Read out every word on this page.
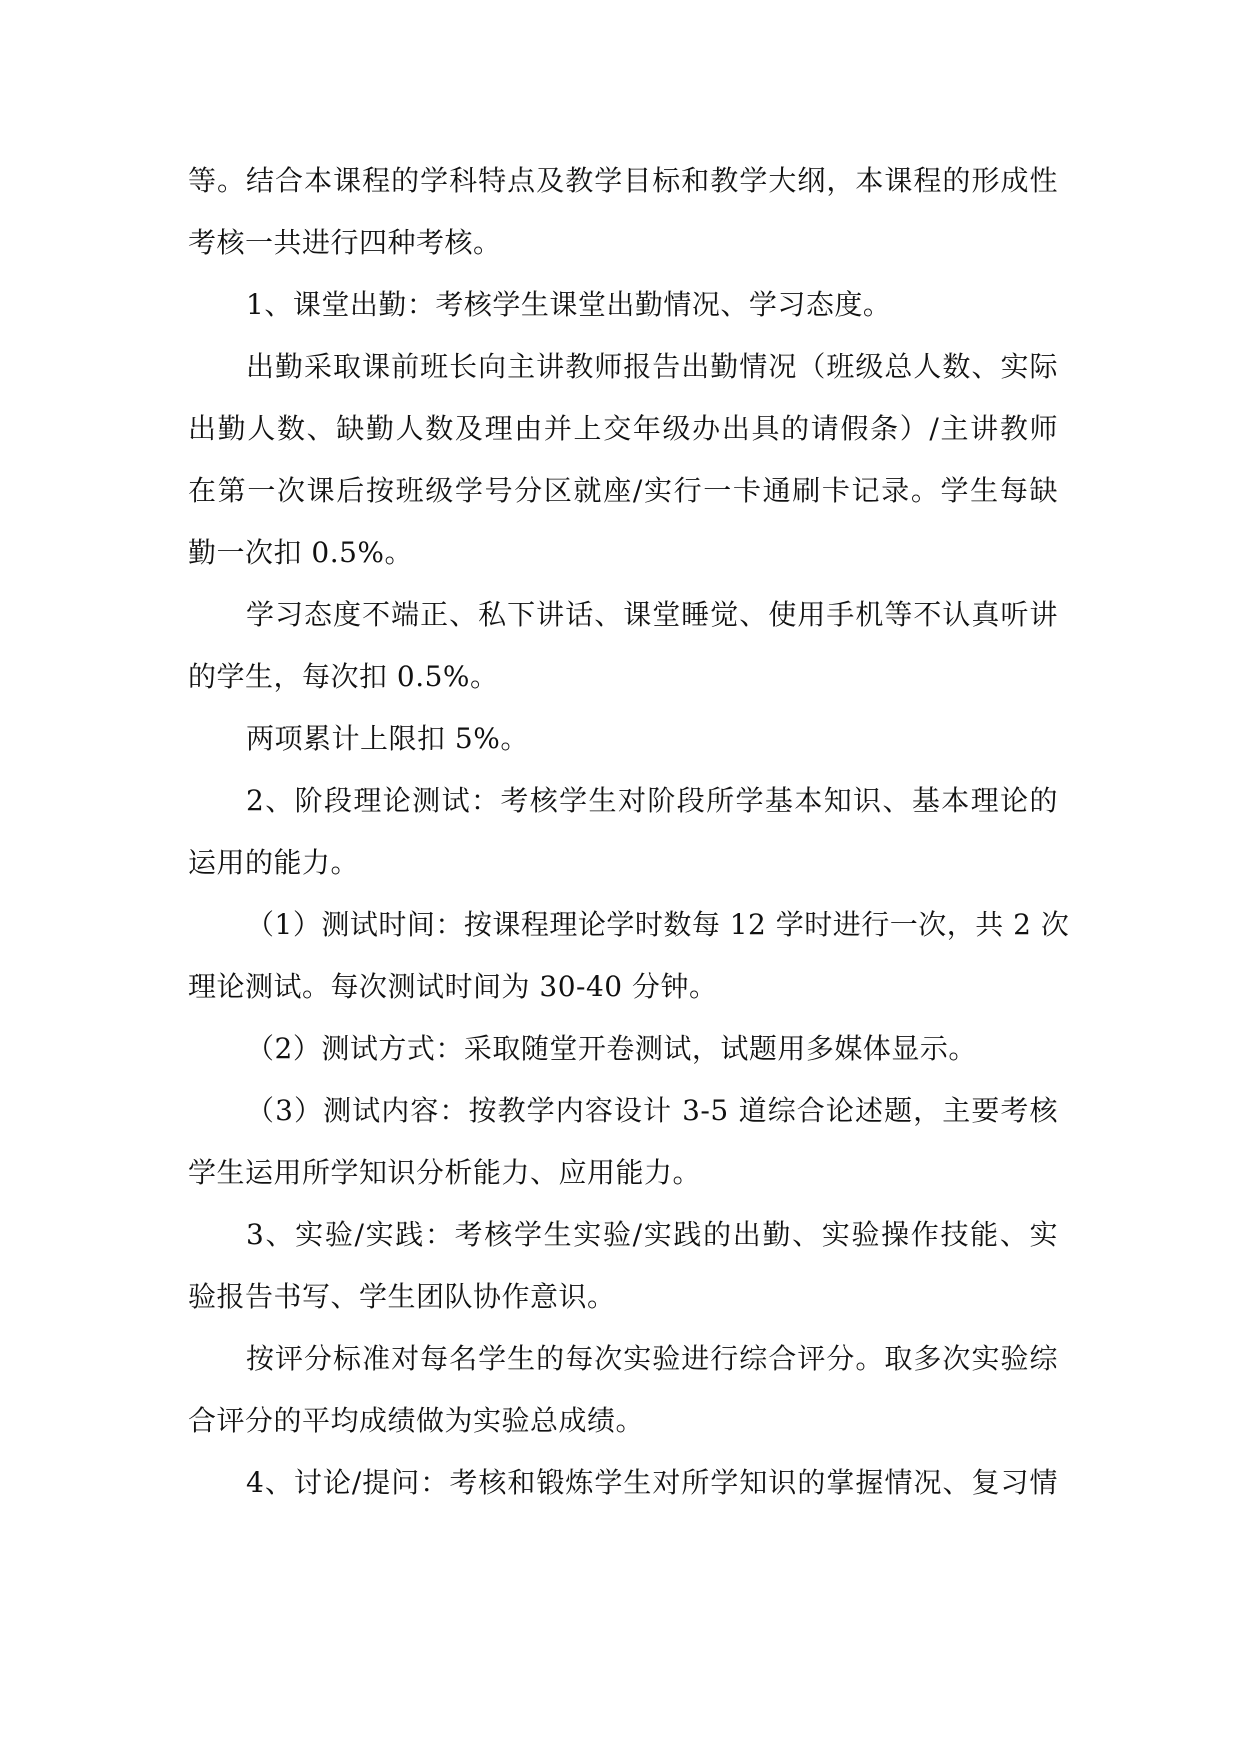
等。结合本课程的学科特点及教学目标和教学大纲，本课程的形成性
考核一共进行四种考核。
1、课堂出勤：考核学生课堂出勤情况、学习态度。
出勤采取课前班长向主讲教师报告出勤情况（班级总人数、实际
出勤人数、缺勤人数及理由并上交年级办出具的请假条）/主讲教师
在第一次课后按班级学号分区就座/实行一卡通刷卡记录。学生每缺
勤一次扣 0.5%。
学习态度不端正、私下讲话、课堂睡觉、使用手机等不认真听讲
的学生，每次扣 0.5%。
两项累计上限扣 5%。
2、阶段理论测试：考核学生对阶段所学基本知识、基本理论的
运用的能力。
（1）测试时间：按课程理论学时数每 12 学时进行一次，共 2 次
理论测试。每次测试时间为 30-40 分钟。
（2）测试方式：采取随堂开卷测试，试题用多媒体显示。
（3）测试内容：按教学内容设计 3-5 道综合论述题，主要考核
学生运用所学知识分析能力、应用能力。
3、实验/实践：考核学生实验/实践的出勤、实验操作技能、实
验报告书写、学生团队协作意识。
按评分标准对每名学生的每次实验进行综合评分。取多次实验综
合评分的平均成绩做为实验总成绩。
4、讨论/提问：考核和锻炼学生对所学知识的掌握情况、复习情
